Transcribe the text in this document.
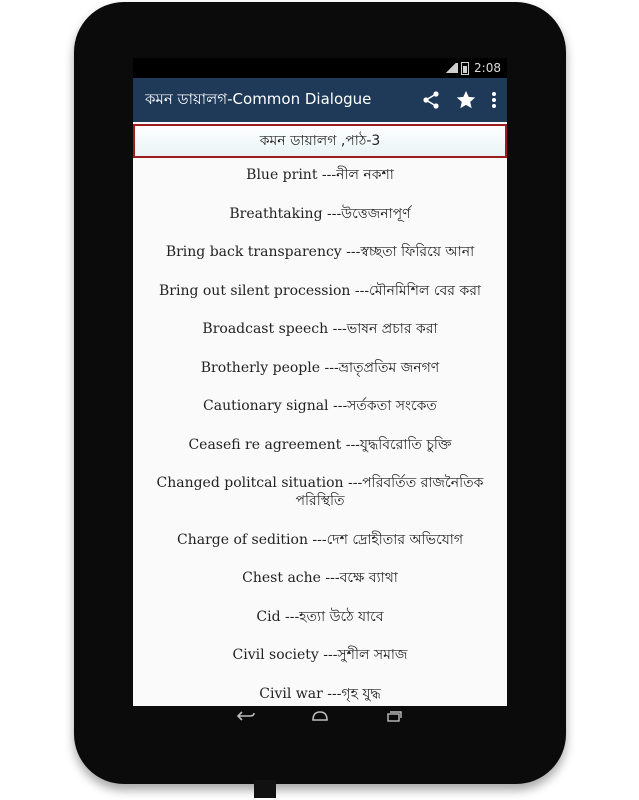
2:08
কমন ডায়ালগ-Common Dialogue
কমন ডায়ালগ ,পাঠ-3
Blue print ---নীল নকশা
Breathtaking ---উত্তেজনাপূর্ণ
Bring back transparency ---স্বচ্ছতা ফিরিয়ে আনা
Bring out silent procession ---মৌনমিশিল বের করা
Broadcast speech ---ভাষন প্রচার করা
Brotherly people ---ভ্রাতৃপ্রতিম জনগণ
Cautionary signal ---সর্তকতা সংকেত
Ceasefi re agreement ---যুদ্ধবিরোতি চুক্তি
Changed politcal situation ---পরিবর্তিত রাজনৈতিক পরিস্থিতি
Charge of sedition ---দেশ দ্রোহীতার অভিযোগ
Chest ache ---বক্ষে ব্যাথা
Cid ---হত্যা উঠে যাবে
Civil society ---সুশীল সমাজ
Civil war ---গৃহ যুদ্ধ
